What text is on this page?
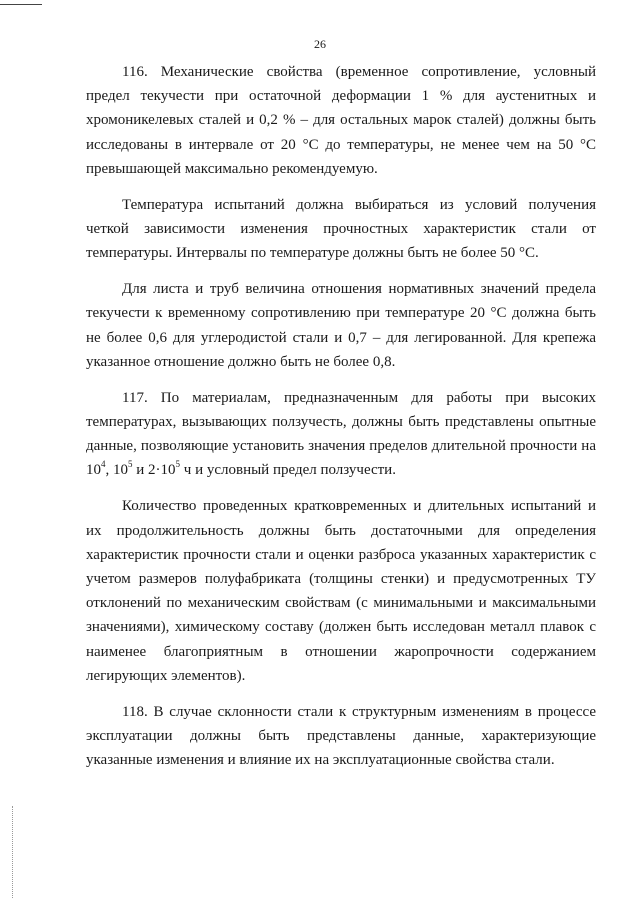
26

116. Механические свойства (временное сопротивление, условный предел текучести при остаточной деформации 1 % для аустенитных и хромоникелевых сталей и 0,2 % – для остальных марок сталей) должны быть исследованы в интервале от 20 °С до температуры, не менее чем на 50 °С превышающей максимально рекомендуемую.

Температура испытаний должна выбираться из условий получения четкой зависимости изменения прочностных характеристик стали от температуры. Интервалы по температуре должны быть не более 50 °С.

Для листа и труб величина отношения нормативных значений предела текучести к временному сопротивлению при температуре 20 °С должна быть не более 0,6 для углеродистой стали и 0,7 – для легированной. Для крепежа указанное отношение должно быть не более 0,8.

117. По материалам, предназначенным для работы при высоких температурах, вызывающих ползучесть, должны быть представлены опытные данные, позволяющие установить значения пределов длительной прочности на $10^4$, $10^5$ и $2\cdot 10^5$ ч и условный предел ползучести.

Количество проведенных кратковременных и длительных испытаний и их продолжительность должны быть достаточными для определения характеристик прочности стали и оценки разброса указанных характеристик с учетом размеров полуфабриката (толщины стенки) и предусмотренных ТУ отклонений по механическим свойствам (с минимальными и максимальными значениями), химическому составу (должен быть исследован металл плавок с наименее благоприятным в отношении жаропрочности содержанием легирующих элементов).

118. В случае склонности стали к структурным изменениям в процессе эксплуатации должны быть представлены данные, характеризующие указанные изменения и влияние их на эксплуатационные свойства стали.
